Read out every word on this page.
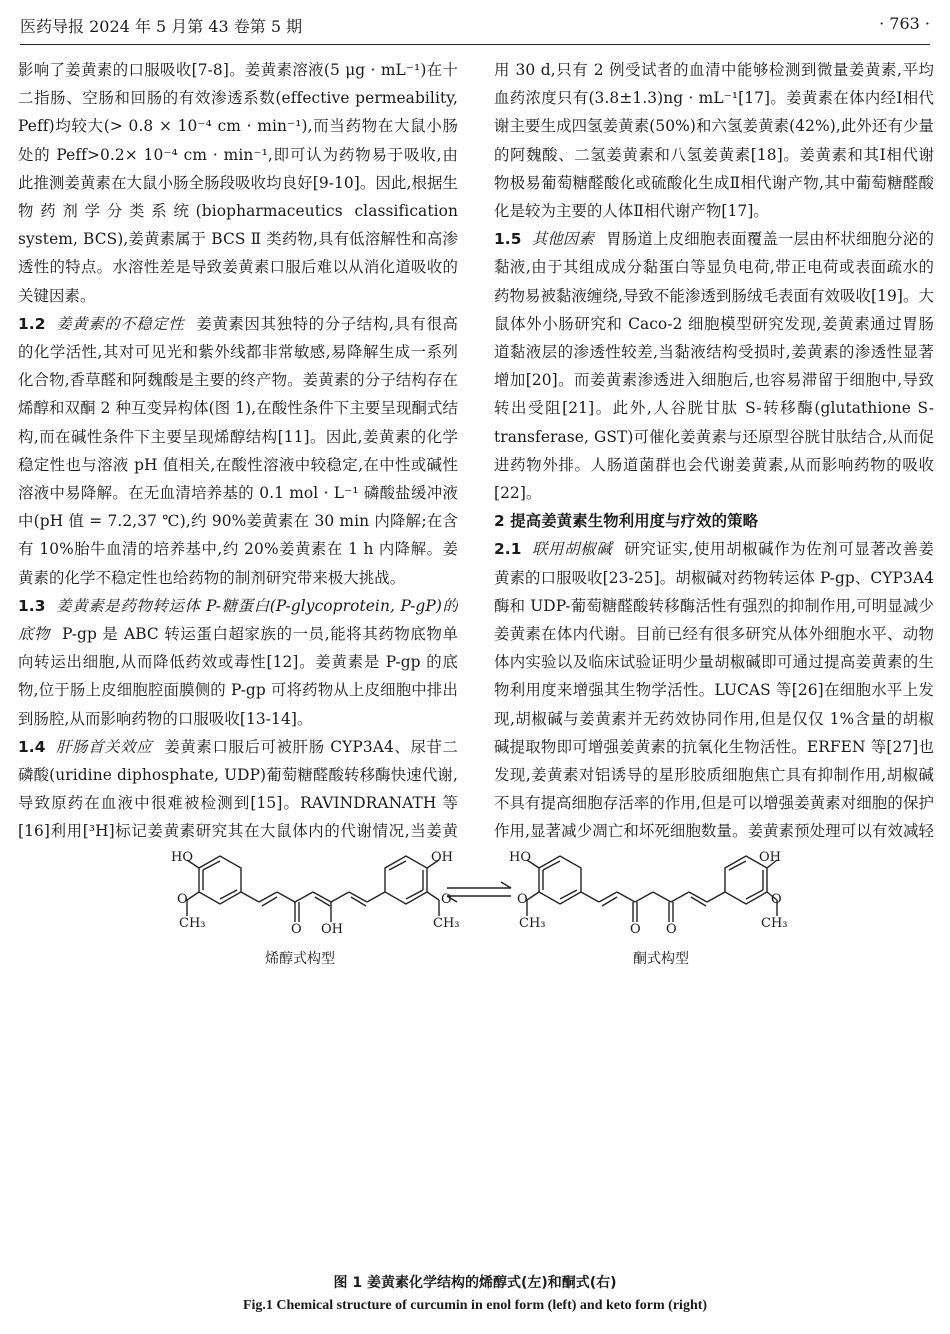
医药导报 2024 年 5 月第 43 卷第 5 期	· 763 ·

影响了姜黄素的口服吸收[7-8]。姜黄素溶液(5 μg · mL⁻¹)在十二指肠、空肠和回肠的有效渗透系数(effective permeability, Peff)均较大(> 0.8 × 10⁻⁴ cm · min⁻¹),而当药物在大鼠小肠处的 Peff>0.2× 10⁻⁴ cm · min⁻¹,即可认为药物易于吸收,由此推测姜黄素在大鼠小肠全肠段吸收均良好[9-10]。因此,根据生物药剂学分类系统(biopharmaceutics classification system, BCS),姜黄素属于 BCS Ⅱ 类药物,具有低溶解性和高渗透性的特点。水溶性差是导致姜黄素口服后难以从消化道吸收的关键因素。

1.2 姜黄素的不稳定性 姜黄素因其独特的分子结构,具有很高的化学活性,其对可见光和紫外线都非常敏感,易降解生成一系列化合物,香草醛和阿魏酸是主要的终产物。姜黄素的分子结构存在烯醇和双酮 2 种互变异构体(图 1),在酸性条件下主要呈现酮式结构,而在碱性条件下主要呈现烯醇结构[11]。因此,姜黄素的化学稳定性也与溶液 pH 值相关,在酸性溶液中较稳定,在中性或碱性溶液中易降解。在无血清培养基的 0.1 mol · L⁻¹ 磷酸盐缓冲液中(pH 值 = 7.2,37 ℃),约 90%姜黄素在 30 min 内降解;在含有 10%胎牛血清的培养基中,约 20%姜黄素在 1 h 内降解。姜黄素的化学不稳定性也给药物的制剂研究带来极大挑战。

1.3 姜黄素是药物转运体 P-糖蛋白(P-glycoprotein, P-gP)的底物 P-gp 是 ABC 转运蛋白超家族的一员,能将其药物底物单向转运出细胞,从而降低药效或毒性[12]。姜黄素是 P-gp 的底物,位于肠上皮细胞腔面膜侧的 P-gp 可将药物从上皮细胞中排出到肠腔,从而影响药物的口服吸收[13-14]。

1.4 肝肠首关效应 姜黄素口服后可被肝肠 CYP3A4、尿苷二磷酸(uridine diphosphate, UDP)葡萄糖醛酸转移酶快速代谢,导致原药在血液中很难被检测到[15]。RAVINDRANATH 等[16]利用[³H]标记姜黄素研究其在大鼠体内的代谢情况,当姜黄

用 30 d,只有 2 例受试者的血清中能够检测到微量姜黄素,平均血药浓度只有(3.8±1.3)ng · mL⁻¹[17]。姜黄素在体内经Ⅰ相代谢主要生成四氢姜黄素(50%)和六氢姜黄素(42%),此外还有少量的阿魏酸、二氢姜黄素和八氢姜黄素[18]。姜黄素和其Ⅰ相代谢物极易葡萄糖醛酸化或硫酸化生成Ⅱ相代谢产物,其中葡萄糖醛酸化是较为主要的人体Ⅱ相代谢产物[17]。

1.5 其他因素 胃肠道上皮细胞表面覆盖一层由杯状细胞分泌的黏液,由于其组成成分黏蛋白等显负电荷,带正电荷或表面疏水的药物易被黏液缠绕,导致不能渗透到肠绒毛表面有效吸收[19]。大鼠体外小肠研究和 Caco-2 细胞模型研究发现,姜黄素通过胃肠道黏液层的渗透性较差,当黏液结构受损时,姜黄素的渗透性显著增加[20]。而姜黄素渗透进入细胞后,也容易滞留于细胞中,导致转出受阻[21]。此外,人谷胱甘肽 S-转移酶(glutathione S-transferase, GST)可催化姜黄素与还原型谷胱甘肽结合,从而促进药物外排。人肠道菌群也会代谢姜黄素,从而影响药物的吸收[22]。

2 提高姜黄素生物利用度与疗效的策略

2.1 联用胡椒碱 研究证实,使用胡椒碱作为佐剂可显著改善姜黄素的口服吸收[23-25]。胡椒碱对药物转运体 P-gp、CYP3A4 酶和 UDP-葡萄糖醛酸转移酶活性有强烈的抑制作用,可明显减少姜黄素在体内代谢。目前已经有很多研究从体外细胞水平、动物体内实验以及临床试验证明少量胡椒碱即可通过提高姜黄素的生物利用度来增强其生物学活性。LUCAS 等[26]在细胞水平上发现,胡椒碱与姜黄素并无药效协同作用,但是仅仅 1%含量的胡椒碱提取物即可增强姜黄素的抗氧化生物活性。ERFEN 等[27]也发现,姜黄素对铝诱导的星形胶质细胞焦亡具有抑制作用,胡椒碱不具有提高细胞存活率的作用,但是可以增强姜黄素对细胞的保护作用,显著减少凋亡和坏死细胞数量。姜黄素预处理可以有效减轻

HO
O
CH₃	O OH
OH
O
CH₃
HO
O
CH₃	O O
OH
O
CH₃
烯醇式构型	酮式构型
图 1 姜黄素化学结构的烯醇式(左)和酮式(右)
Fig.1 Chemical structure of curcumin in enol form (left) and keto form (right)
